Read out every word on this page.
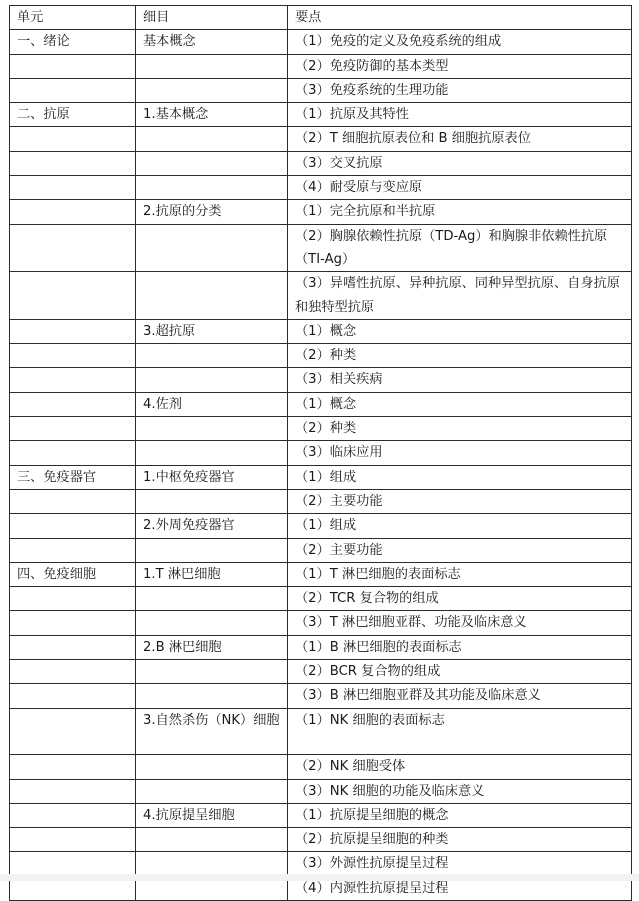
单元	细目	要点
一、绪论	基本概念	（1）免疫的定义及免疫系统的组成
		（2）免疫防御的基本类型
		（3）免疫系统的生理功能
二、抗原	1.基本概念	（1）抗原及其特性
		（2）T 细胞抗原表位和 B 细胞抗原表位
		（3）交叉抗原
		（4）耐受原与变应原
	2.抗原的分类	（1）完全抗原和半抗原
		（2）胸腺依赖性抗原（TD-Ag）和胸腺非依赖性抗原（TI-Ag）
		（3）异嗜性抗原、异种抗原、同种异型抗原、自身抗原和独特型抗原
	3.超抗原	（1）概念
		（2）种类
		（3）相关疾病
	4.佐剂	（1）概念
		（2）种类
		（3）临床应用
三、免疫器官	1.中枢免疫器官	（1）组成
		（2）主要功能
	2.外周免疫器官	（1）组成
		（2）主要功能
四、免疫细胞	1.T 淋巴细胞	（1）T 淋巴细胞的表面标志
		（2）TCR 复合物的组成
		（3）T 淋巴细胞亚群、功能及临床意义
	2.B 淋巴细胞	（1）B 淋巴细胞的表面标志
		（2）BCR 复合物的组成
		（3）B 淋巴细胞亚群及其功能及临床意义
	3.自然杀伤（NK）细胞	（1）NK 细胞的表面标志
		（2）NK 细胞受体
		（3）NK 细胞的功能及临床意义
	4.抗原提呈细胞	（1）抗原提呈细胞的概念
		（2）抗原提呈细胞的种类
		（3）外源性抗原提呈过程
		（4）内源性抗原提呈过程
